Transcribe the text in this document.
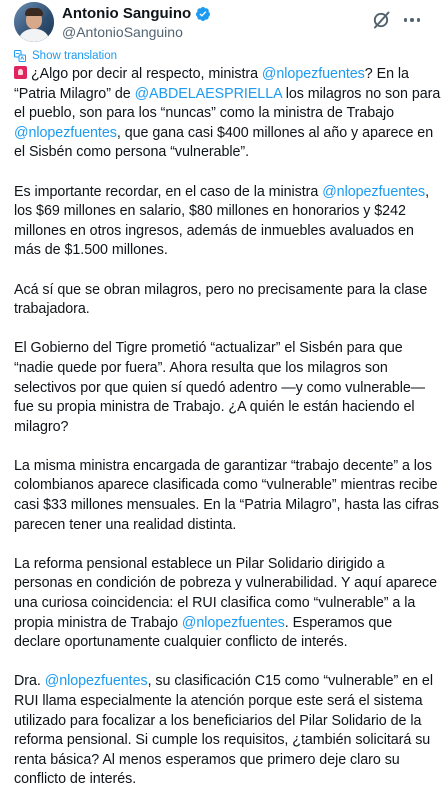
Antonio Sanguino
@AntonioSanguino
Show translation
¿Algo por decir al respecto, ministra @nlopezfuentes? En la “Patria Milagro” de @ABDELAESPRIELLA los milagros no son para el pueblo, son para los “nuncas” como la ministra de Trabajo @nlopezfuentes, que gana casi $400 millones al año y aparece en el Sisbén como persona “vulnerable”.
Es importante recordar, en el caso de la ministra @nlopezfuentes, los $69 millones en salario, $80 millones en honorarios y $242 millones en otros ingresos, además de inmuebles avaluados en más de $1.500 millones.
Acá sí que se obran milagros, pero no precisamente para la clase trabajadora.
El Gobierno del Tigre prometió “actualizar” el Sisbén para que “nadie quede por fuera”. Ahora resulta que los milagros son selectivos por que quien sí quedó adentro —y como vulnerable— fue su propia ministra de Trabajo. ¿A quién le están haciendo el milagro?
La misma ministra encargada de garantizar “trabajo decente” a los colombianos aparece clasificada como “vulnerable” mientras recibe casi $33 millones mensuales. En la “Patria Milagro”, hasta las cifras parecen tener una realidad distinta.
La reforma pensional establece un Pilar Solidario dirigido a personas en condición de pobreza y vulnerabilidad. Y aquí aparece una curiosa coincidencia: el RUI clasifica como “vulnerable” a la propia ministra de Trabajo @nlopezfuentes. Esperamos que declare oportunamente cualquier conflicto de interés.
Dra. @nlopezfuentes, su clasificación C15 como “vulnerable” en el RUI llama especialmente la atención porque este será el sistema utilizado para focalizar a los beneficiarios del Pilar Solidario de la reforma pensional. Si cumple los requisitos, ¿también solicitará su renta básica? Al menos esperamos que primero deje claro su conflicto de interés.
